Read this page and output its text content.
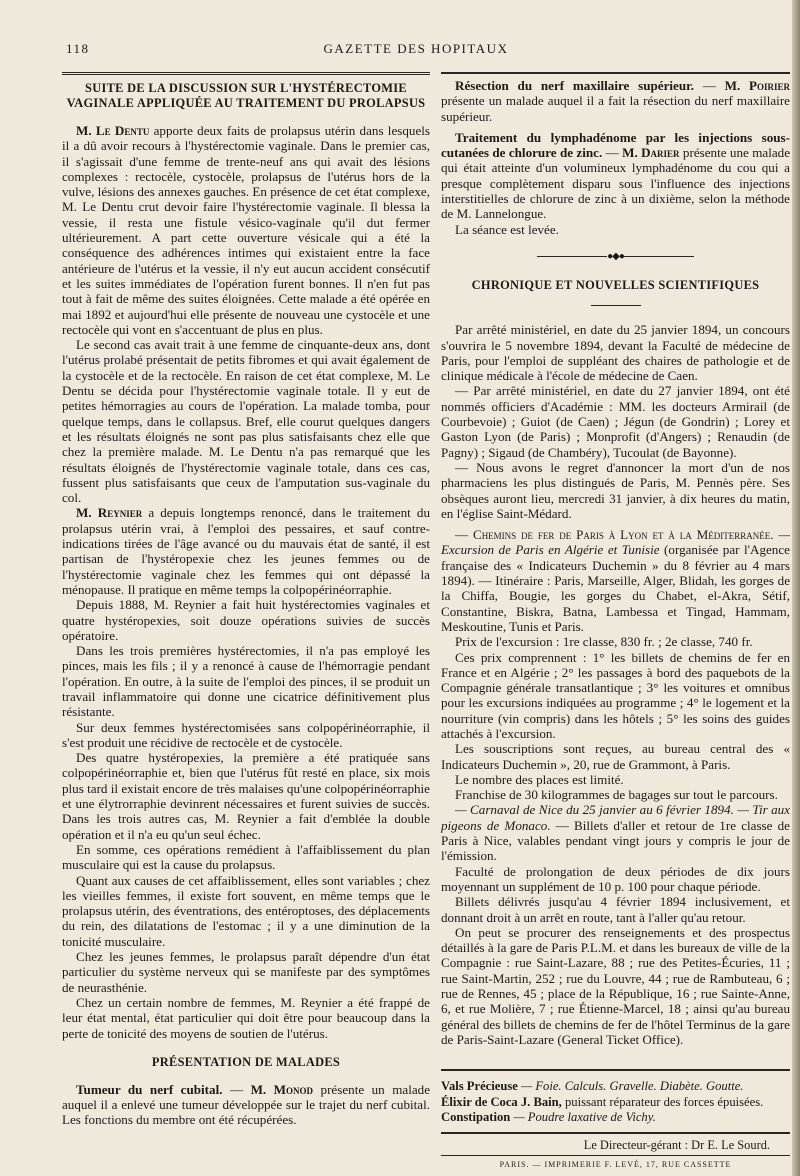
118	GAZETTE DES HOPITAUX
SUITE DE LA DISCUSSION SUR L'HYSTÉRECTOMIE VAGINALE APPLIQUÉE AU TRAITEMENT DU PROLAPSUS

M. Le Dentu apporte deux faits de prolapsus utérin dans lesquels il a dû avoir recours à l'hystérectomie vaginale. Dans le premier cas, il s'agissait d'une femme de trente-neuf ans qui avait des lésions complexes : rectocèle, cystocèle, prolapsus de l'utérus hors de la vulve, lésions des annexes gauches. En présence de cet état complexe, M. Le Dentu crut devoir faire l'hystérectomie vaginale. Il blessa la vessie, il resta une fistule vésico-vaginale qu'il dut fermer ultérieurement. A part cette ouverture vésicale qui a été la conséquence des adhérences intimes qui existaient entre la face antérieure de l'utérus et la vessie, il n'y eut aucun accident consécutif et les suites immédiates de l'opération furent bonnes. Il n'en fut pas tout à fait de même des suites éloignées. Cette malade a été opérée en mai 1892 et aujourd'hui elle présente de nouveau une cystocèle et une rectocèle qui vont en s'accentuant de plus en plus.

Le second cas avait trait à une femme de cinquante-deux ans, dont l'utérus prolabé présentait de petits fibromes et qui avait également de la cystocèle et de la rectocèle. En raison de cet état complexe, M. Le Dentu se décida pour l'hystérectomie vaginale totale. Il y eut de petites hémorragies au cours de l'opération. La malade tomba, pour quelque temps, dans le collapsus. Bref, elle courut quelques dangers et les résultats éloignés ne sont pas plus satisfaisants chez elle que chez la première malade. M. Le Dentu n'a pas remarqué que les résultats éloignés de l'hystérectomie vaginale totale, dans ces cas, fussent plus satisfaisants que ceux de l'amputation sus-vaginale du col.

M. Reynier a depuis longtemps renoncé, dans le traitement du prolapsus utérin vrai, à l'emploi des pessaires, et sauf contre-indications tirées de l'âge avancé ou du mauvais état de santé, il est partisan de l'hystéropexie chez les jeunes femmes ou de l'hystérectomie vaginale chez les femmes qui ont dépassé la ménopause. Il pratique en même temps la colpopérinéorraphie.

Depuis 1888, M. Reynier a fait huit hystérectomies vaginales et quatre hystéropexies, soit douze opérations suivies de succès opératoire.

Dans les trois premières hystérectomies, il n'a pas employé les pinces, mais les fils ; il y a renoncé à cause de l'hémorragie pendant l'opération. En outre, à la suite de l'emploi des pinces, il se produit un travail inflammatoire qui donne une cicatrice définitivement plus résistante.

Sur deux femmes hystérectomisées sans colpopérinéorraphie, il s'est produit une récidive de rectocèle et de cystocèle.

Des quatre hystéropexies, la première a été pratiquée sans colpopérinéorraphie et, bien que l'utérus fût resté en place, six mois plus tard il existait encore de très malaises qu'une colpopérinéorraphie et une élytrorraphie devinrent nécessaires et furent suivies de succès. Dans les trois autres cas, M. Reynier a fait d'emblée la double opération et il n'a eu qu'un seul échec.

En somme, ces opérations remédient à l'affaiblissement du plan musculaire qui est la cause du prolapsus.

Quant aux causes de cet affaiblissement, elles sont variables ; chez les vieilles femmes, il existe fort souvent, en même temps que le prolapsus utérin, des éventrations, des entéroptoses, des déplacements du rein, des dilatations de l'estomac ; il y a une diminution de la tonicité musculaire.

Chez les jeunes femmes, le prolapsus paraît dépendre d'un état particulier du système nerveux qui se manifeste par des symptômes de neurasthénie.

Chez un certain nombre de femmes, M. Reynier a été frappé de leur état mental, état particulier qui doit être pour beaucoup dans la perte de tonicité des moyens de soutien de l'utérus.

PRÉSENTATION DE MALADES

Tumeur du nerf cubital. — M. Monod présente un malade auquel il a enlevé une tumeur développée sur le trajet du nerf cubital. Les fonctions du membre ont été récupérées.

Résection du nerf maxillaire supérieur. — M. Poirier présente un malade auquel il a fait la résection du nerf maxillaire supérieur.

Traitement du lymphadénome par les injections sous-cutanées de chlorure de zinc. — M. Darier présente une malade qui était atteinte d'un volumineux lymphadénome du cou qui a presque complètement disparu sous l'influence des injections interstitielles de chlorure de zinc à un dixième, selon la méthode de M. Lannelongue.

La séance est levée.

●◆●
CHRONIQUE ET NOUVELLES SCIENTIFIQUES

Par arrêté ministériel, en date du 25 janvier 1894, un concours s'ouvrira le 5 novembre 1894, devant la Faculté de médecine de Paris, pour l'emploi de suppléant des chaires de pathologie et de clinique médicale à l'école de médecine de Caen.

— Par arrêté ministériel, en date du 27 janvier 1894, ont été nommés officiers d'Académie : MM. les docteurs Armirail (de Courbevoie) ; Guiot (de Caen) ; Jégun (de Gondrin) ; Lorey et Gaston Lyon (de Paris) ; Monprofit (d'Angers) ; Renaudin (de Pagny) ; Sigaud (de Chambéry), Tucoulat (de Bayonne).

— Nous avons le regret d'annoncer la mort d'un de nos pharmaciens les plus distingués de Paris, M. Pennès père. Ses obsèques auront lieu, mercredi 31 janvier, à dix heures du matin, en l'église Saint-Médard.

— Chemins de fer de Paris à Lyon et à la Méditerranée. — Excursion de Paris en Algérie et Tunisie (organisée par l'Agence française des « Indicateurs Duchemin » du 8 février au 4 mars 1894). — Itinéraire : Paris, Marseille, Alger, Blidah, les gorges de la Chiffa, Bougie, les gorges du Chabet, el-Akra, Sétif, Constantine, Biskra, Batna, Lambessa et Tingad, Hammam, Meskoutine, Tunis et Paris.

Prix de l'excursion : 1re classe, 830 fr. ; 2e classe, 740 fr.

Ces prix comprennent : 1° les billets de chemins de fer en France et en Algérie ; 2° les passages à bord des paquebots de la Compagnie générale transatlantique ; 3° les voitures et omnibus pour les excursions indiquées au programme ; 4° le logement et la nourriture (vin compris) dans les hôtels ; 5° les soins des guides attachés à l'excursion.

Les souscriptions sont reçues, au bureau central des « Indicateurs Duchemin », 20, rue de Grammont, à Paris.

Le nombre des places est limité.

Franchise de 30 kilogrammes de bagages sur tout le parcours.

— Carnaval de Nice du 25 janvier au 6 février 1894. — Tir aux pigeons de Monaco. — Billets d'aller et retour de 1re classe de Paris à Nice, valables pendant vingt jours y compris le jour de l'émission.

Faculté de prolongation de deux périodes de dix jours moyennant un supplément de 10 p. 100 pour chaque période.

Billets délivrés jusqu'au 4 février 1894 inclusivement, et donnant droit à un arrêt en route, tant à l'aller qu'au retour.

On peut se procurer des renseignements et des prospectus détaillés à la gare de Paris P.L.M. et dans les bureaux de ville de la Compagnie : rue Saint-Lazare, 88 ; rue des Petites-Écuries, 11 ; rue Saint-Martin, 252 ; rue du Louvre, 44 ; rue de Rambuteau, 6 ; rue de Rennes, 45 ; place de la République, 16 ; rue Sainte-Anne, 6, et rue Molière, 7 ; rue Étienne-Marcel, 18 ; ainsi qu'au bureau général des billets de chemins de fer de l'hôtel Terminus de la gare de Paris-Saint-Lazare (General Ticket Office).

Vals Précieuse — Foie. Calculs. Gravelle. Diabète. Goutte.

Élixir de Coca J. Bain, puissant réparateur des forces épuisées.

Constipation — Poudre laxative de Vichy.

Le Directeur-gérant : Dr E. Le Sourd.

PARIS. — IMPRIMERIE F. LEVÉ, 17, RUE CASSETTE
